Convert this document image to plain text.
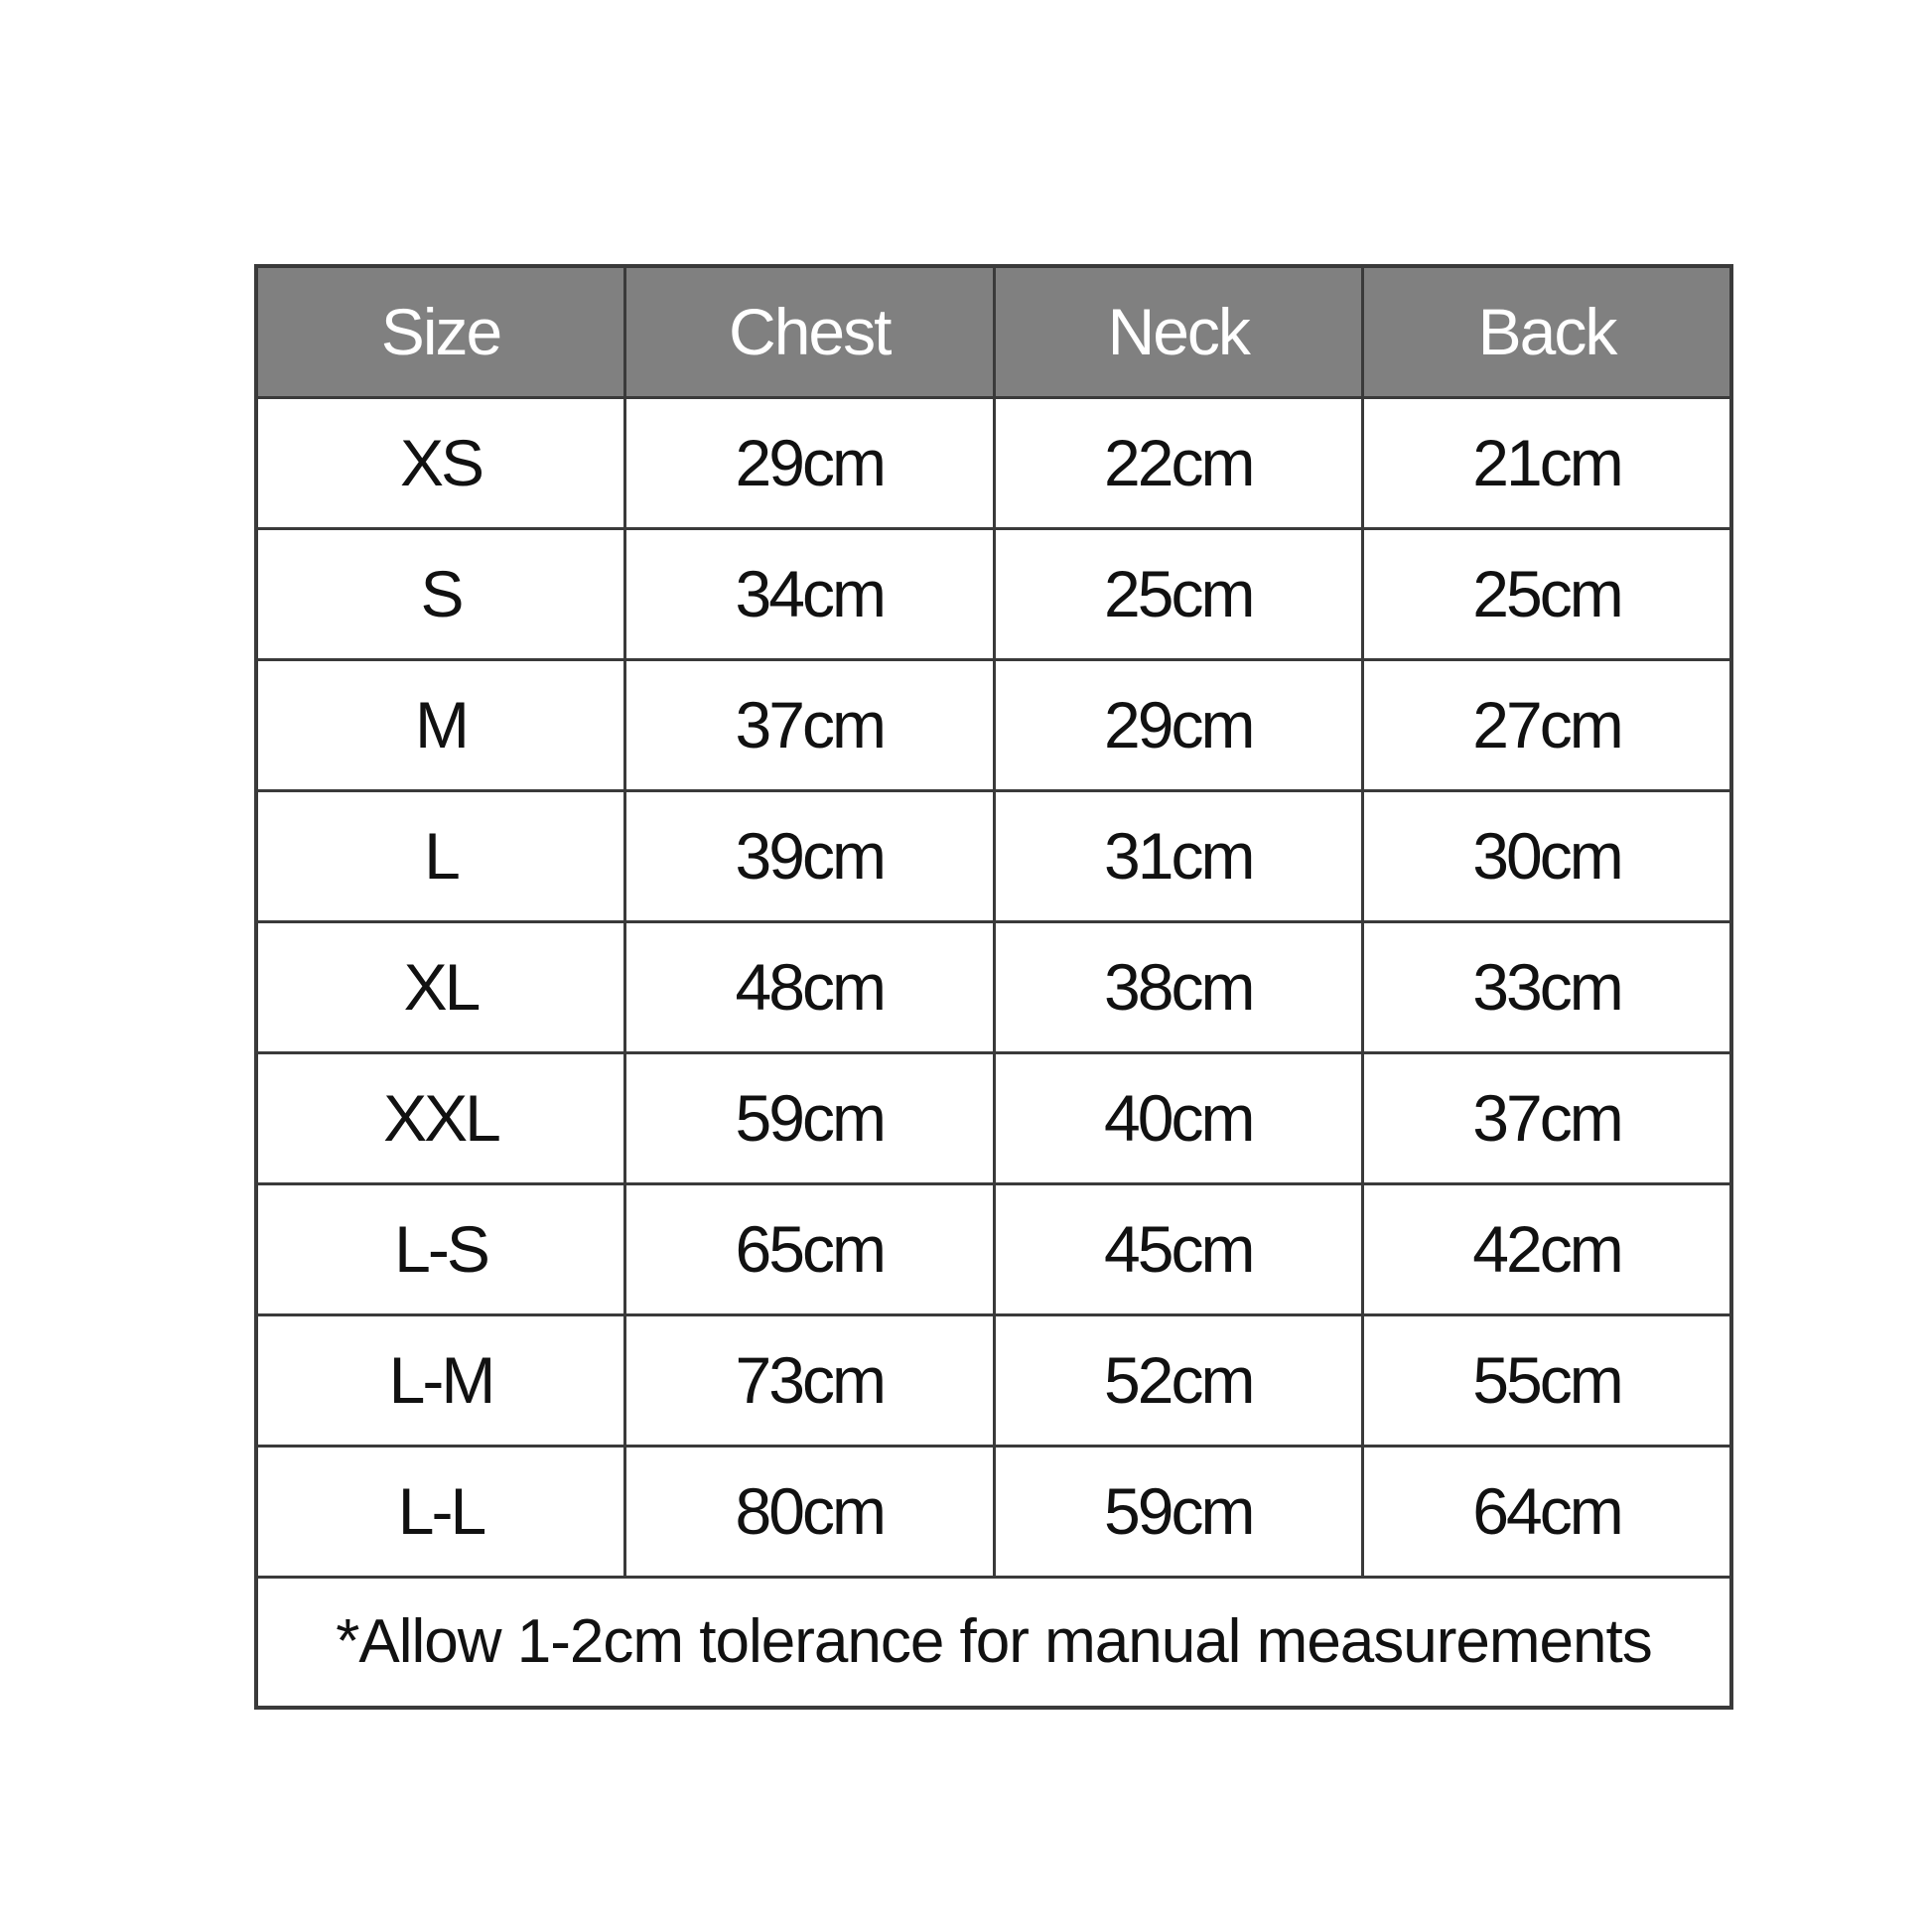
Size	Chest	Neck	Back
XS	29cm	22cm	21cm
S	34cm	25cm	25cm
M	37cm	29cm	27cm
L	39cm	31cm	30cm
XL	48cm	38cm	33cm
XXL	59cm	40cm	37cm
L-S	65cm	45cm	42cm
L-M	73cm	52cm	55cm
L-L	80cm	59cm	64cm
*Allow 1-2cm tolerance for manual measurements			
